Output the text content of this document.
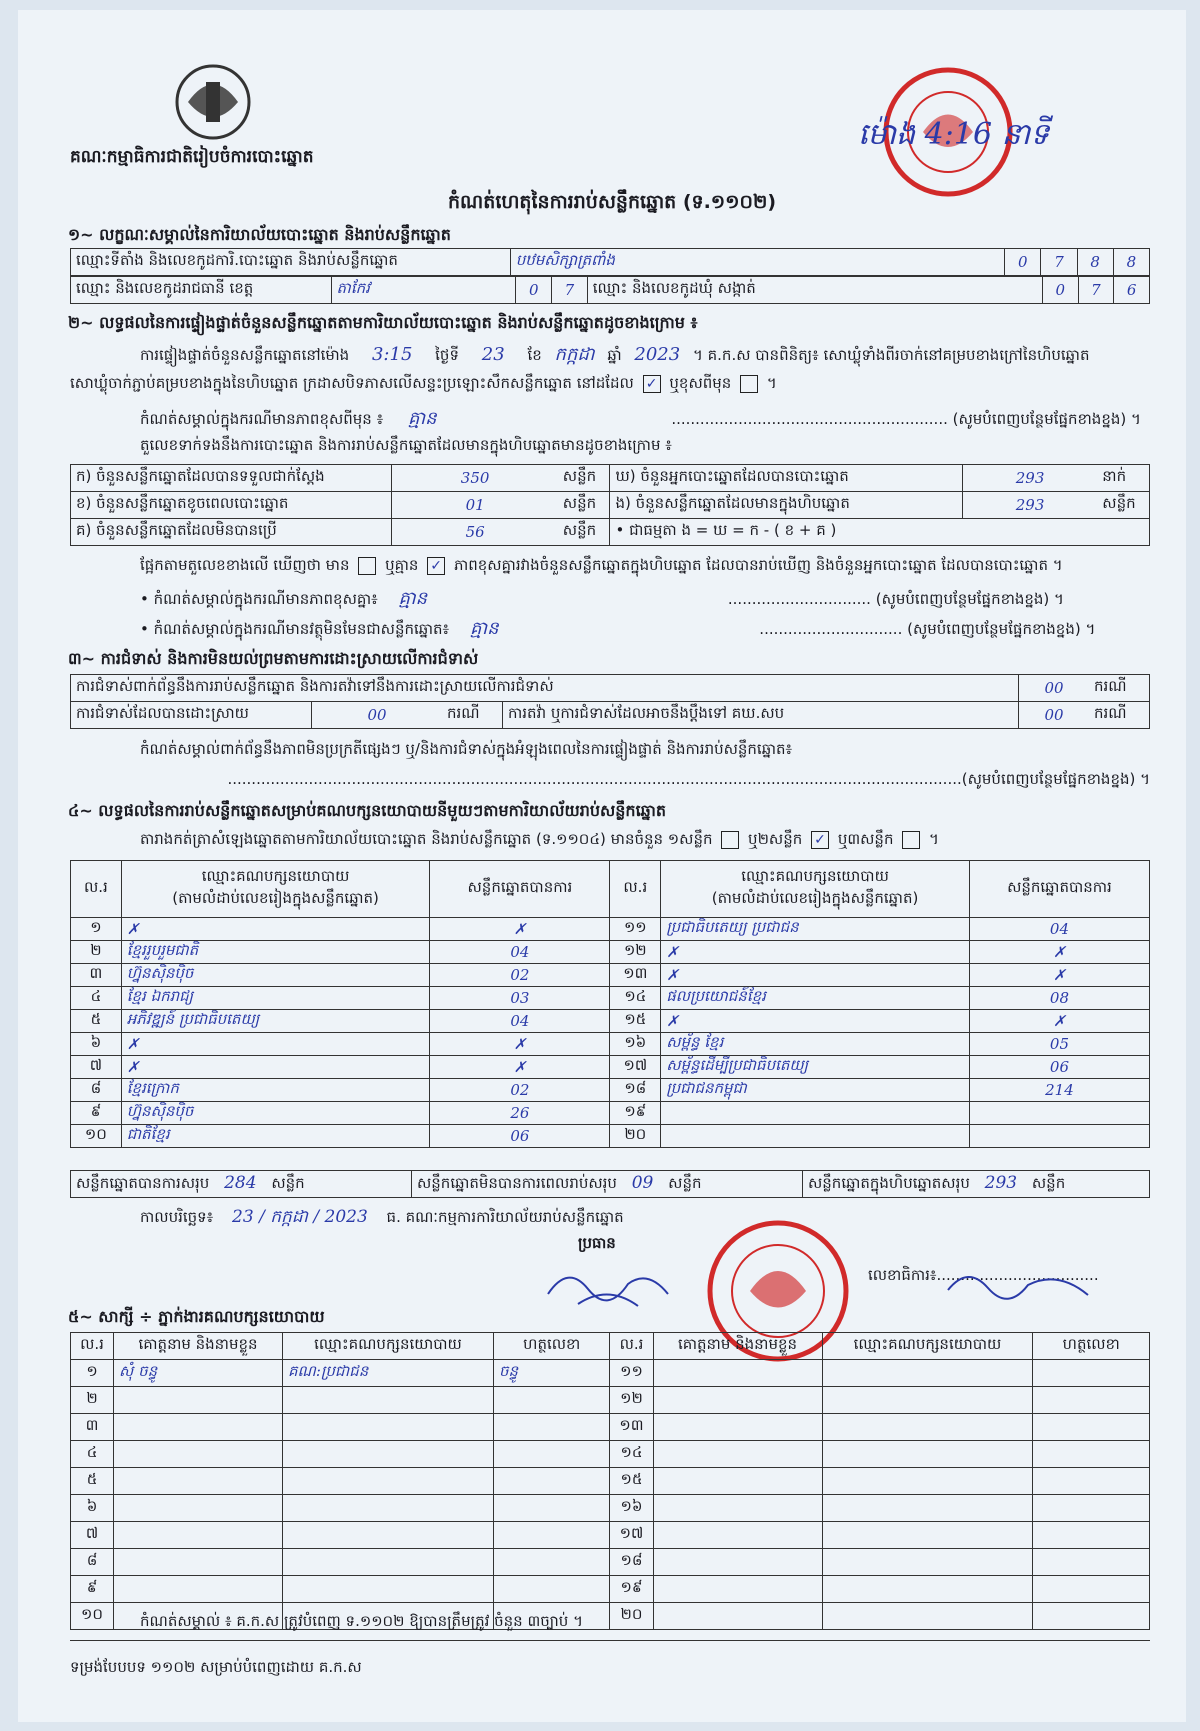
គណៈកម្មាធិការជាតិរៀបចំការបោះឆ្នោត
កំណត់ហេតុនៃការរាប់សន្លឹកឆ្នោត (ទ.១១០២)
ម៉ោង 4:16 នាទី
១~ លក្ខណៈសម្គាល់នៃការិយាល័យបោះឆ្នោត និងរាប់សន្លឹកឆ្នោត
ឈ្មោះទីតាំង និងលេខកូដការិ.បោះឆ្នោត និងរាប់សន្លឹកឆ្នោត	បឋមសិក្សាត្រពាំង		0	7	8	8
ឈ្មោះ និងលេខកូដរាជធានី ខេត្ត	តាកែវ	0	7	ឈ្មោះ និងលេខកូដឃុំ សង្កាត់	0	7	6
២~ លទ្ធផលនៃការផ្ទៀងផ្ទាត់ចំនួនសន្លឹកឆ្នោតតាមការិយាល័យបោះឆ្នោត និងរាប់សន្លឹកឆ្នោតដូចខាងក្រោម ៖
ការផ្ទៀងផ្ទាត់ចំនួនសន្លឹកឆ្នោតនៅម៉ោង 3:15 ថ្ងៃទី 23 ខែ កក្កដា ឆ្នាំ 2023 ។ គ.ក.ស បានពិនិត្យ៖ សោឃ្លុំទាំងពីរចាក់នៅគម្របខាងក្រៅនៃហិបឆ្នោត
សោឃ្លុំចាក់ភ្ជាប់គម្របខាងក្នុងនៃហិបឆ្នោត ក្រដាសបិទភាសលើសន្ទះប្រឡោះសឹកសន្លឹកឆ្នោត នៅដដែល ✓ ឬខុសពីមុន  ។
កំណត់សម្គាល់ក្នុងករណីមានភាពខុសពីមុន ៖ គ្មាន	.......................................................... (សូមបំពេញបន្ថែមផ្នែកខាងខ្នង) ។
តួលេខទាក់ទងនឹងការបោះឆ្នោត និងការរាប់សន្លឹកឆ្នោតដែលមានក្នុងហិបឆ្នោតមានដូចខាងក្រោម ៖
ក) ចំនួនសន្លឹកឆ្នោតដែលបានទទួលជាក់ស្ដែង	350	សន្លឹក	ឃ) ចំនួនអ្នកបោះឆ្នោតដែលបានបោះឆ្នោត	293	នាក់
ខ) ចំនួនសន្លឹកឆ្នោតខូចពេលបោះឆ្នោត	01	សន្លឹក	ង) ចំនួនសន្លឹកឆ្នោតដែលមានក្នុងហិបឆ្នោត	293	សន្លឹក
គ) ចំនួនសន្លឹកឆ្នោតដែលមិនបានប្រើ	56	សន្លឹក	• ជាធម្មតា ង = ឃ = ក - ( ខ + គ )		
ផ្អែកតាមតួលេខខាងលើ ឃើញថា មាន ឬគ្មាន ✓ ភាពខុសគ្នារវាងចំនួនសន្លឹកឆ្នោតក្នុងហិបឆ្នោត ដែលបានរាប់ឃើញ និងចំនួនអ្នកបោះឆ្នោត ដែលបានបោះឆ្នោត ។
• កំណត់សម្គាល់ក្នុងករណីមានភាពខុសគ្នា៖ គ្មាន	.............................. (សូមបំពេញបន្ថែមផ្នែកខាងខ្នង) ។
• កំណត់សម្គាល់ក្នុងករណីមានវត្ថុមិនមែនជាសន្លឹកឆ្នោត៖ គ្មាន	.............................. (សូមបំពេញបន្ថែមផ្នែកខាងខ្នង) ។
៣~ ការជំទាស់ និងការមិនយល់ព្រមតាមការដោះស្រាយលើការជំទាស់
ការជំទាស់ពាក់ព័ន្ធនឹងការរាប់សន្លឹកឆ្នោត និងការតវ៉ាទៅនឹងការដោះស្រាយលើការជំទាស់				00	ករណី
ការជំទាស់ដែលបានដោះស្រាយ	00	ករណី	ការតវ៉ា ឬការជំទាស់ដែលអាចនឹងប្ដឹងទៅ គឃ.សប	00	ករណី
កំណត់សម្គាល់ពាក់ព័ន្ធនឹងភាពមិនប្រក្រតីផ្សេងៗ ឬ/និងការជំទាស់ក្នុងអំឡុងពេលនៃការផ្ទៀងផ្ទាត់ និងការរាប់សន្លឹកឆ្នោត៖
..........................................................................................................................................................(សូមបំពេញបន្ថែមផ្នែកខាងខ្នង) ។
៤~ លទ្ធផលនៃការរាប់សន្លឹកឆ្នោតសម្រាប់គណបក្សនយោបាយនីមួយៗតាមការិយាល័យរាប់សន្លឹកឆ្នោត
តារាងកត់ត្រាសំឡេងឆ្នោតតាមការិយាល័យបោះឆ្នោត និងរាប់សន្លឹកឆ្នោត (ទ.១១០៤) មានចំនួន ១សន្លឹក ឬ២សន្លឹក ✓ ឬ៣សន្លឹក  ។
ល.រ	ឈ្មោះគណបក្សនយោបាយ
(តាមលំដាប់លេខរៀងក្នុងសន្លឹកឆ្នោត)	សន្លឹកឆ្នោតបានការ	ល.រ	ឈ្មោះគណបក្សនយោបាយ
(តាមលំដាប់លេខរៀងក្នុងសន្លឹកឆ្នោត)	សន្លឹកឆ្នោតបានការ
១	✗	✗	១១	ប្រជាធិបតេយ្យ ប្រជាជន	04
២	ខ្មែររួបរួមជាតិ	04	១២	✗	✗
៣	ហ្វ៊ុនស៊ិនប៉ិច	02	១៣	✗	✗
៤	ខ្មែរ ឯករាជ្យ	03	១៤	ផលប្រយោជន៍ខ្មែរ	08
៥	អភិវឌ្ឍន៍ ប្រជាធិបតេយ្យ	04	១៥	✗	✗
៦	✗	✗	១៦	សម្ព័ន្ធ ខ្មែរ	05
៧	✗	✗	១៧	សម្ព័ន្ធដើម្បីប្រជាធិបតេយ្យ	06
៨	ខ្មែរក្រោក	02	១៨	ប្រជាជនកម្ពុជា	214
៩	ហ្វ៊ុនស៊ិនប៉ិច	26	១៩		
១០	ជាតិខ្មែរ	06	២០		
សន្លឹកឆ្នោតបានការសរុប 284 សន្លឹក	សន្លឹកឆ្នោតមិនបានការពេលរាប់សរុប 09 សន្លឹក	សន្លឹកឆ្នោតក្នុងហិបឆ្នោតសរុប 293 សន្លឹក
កាលបរិច្ឆេទ៖ 23 / កក្កដា / 2023 ធ. គណៈកម្មការការិយាល័យរាប់សន្លឹកឆ្នោត
ប្រធាន
លេខាធិការ៖..................................
៥~ សាក្សី ÷ ភ្នាក់ងារគណបក្សនយោបាយ
ល.រ	គោត្តនាម និងនាមខ្លួន	ឈ្មោះគណបក្សនយោបាយ	ហត្ថលេខា	ល.រ	គោត្តនាម និងនាមខ្លួន	ឈ្មោះគណបក្សនយោបាយ	ហត្ថលេខា
១	សុំ ចន្ធូ	គណ:ប្រជាជន	ចន្ធូ	១១			
២				១២			
៣				១៣			
៤				១៤			
៥				១៥			
៦				១៦			
៧				១៧			
៨				១៨			
៩				១៩			
១០				២០			
កំណត់សម្គាល់ ៖ គ.ក.ស ត្រូវបំពេញ ទ.១១០២ ឱ្យបានត្រឹមត្រូវ ចំនួន ៣ច្បាប់ ។
ទម្រង់បែបបទ ១១០២ សម្រាប់បំពេញដោយ គ.ក.ស
